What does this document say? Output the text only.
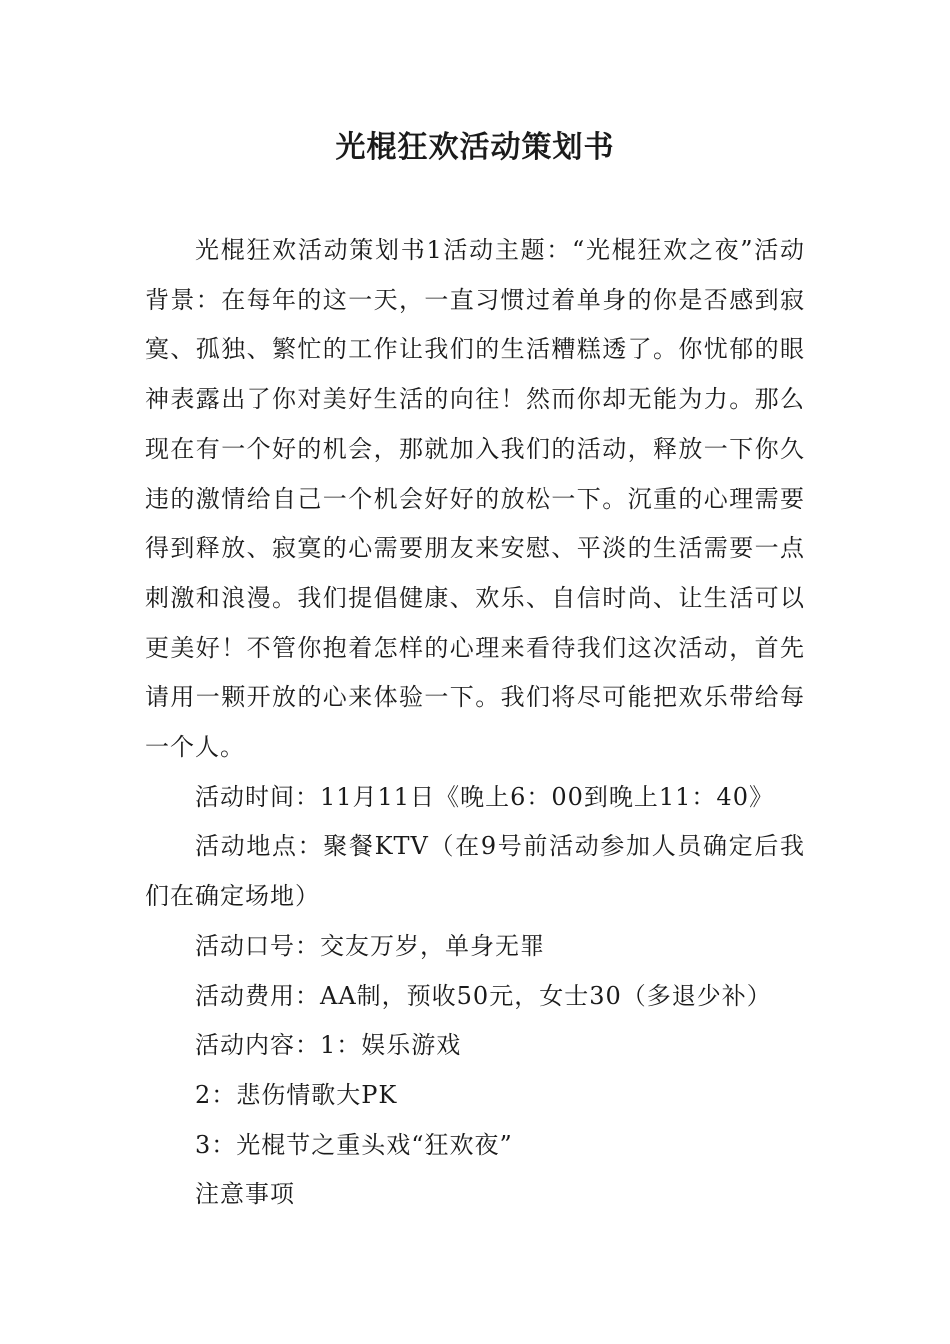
光棍狂欢活动策划书

光棍狂欢活动策划书1活动主题：“光棍狂欢之夜”活动背景：在每年的这一天，一直习惯过着单身的你是否感到寂寞、孤独、繁忙的工作让我们的生活糟糕透了。你忧郁的眼神表露出了你对美好生活的向往！然而你却无能为力。那么现在有一个好的机会，那就加入我们的活动，释放一下你久违的激情给自己一个机会好好的放松一下。沉重的心理需要得到释放、寂寞的心需要朋友来安慰、平淡的生活需要一点刺激和浪漫。我们提倡健康、欢乐、自信时尚、让生活可以更美好！不管你抱着怎样的心理来看待我们这次活动，首先请用一颗开放的心来体验一下。我们将尽可能把欢乐带给每一个人。

活动时间：11月11日《晚上6：00到晚上11：40》

活动地点：聚餐KTV（在9号前活动参加人员确定后我们在确定场地）

活动口号：交友万岁，单身无罪

活动费用：AA制，预收50元，女士30（多退少补）

活动内容：1：娱乐游戏

2：悲伤情歌大PK

3：光棍节之重头戏“狂欢夜”

注意事项
